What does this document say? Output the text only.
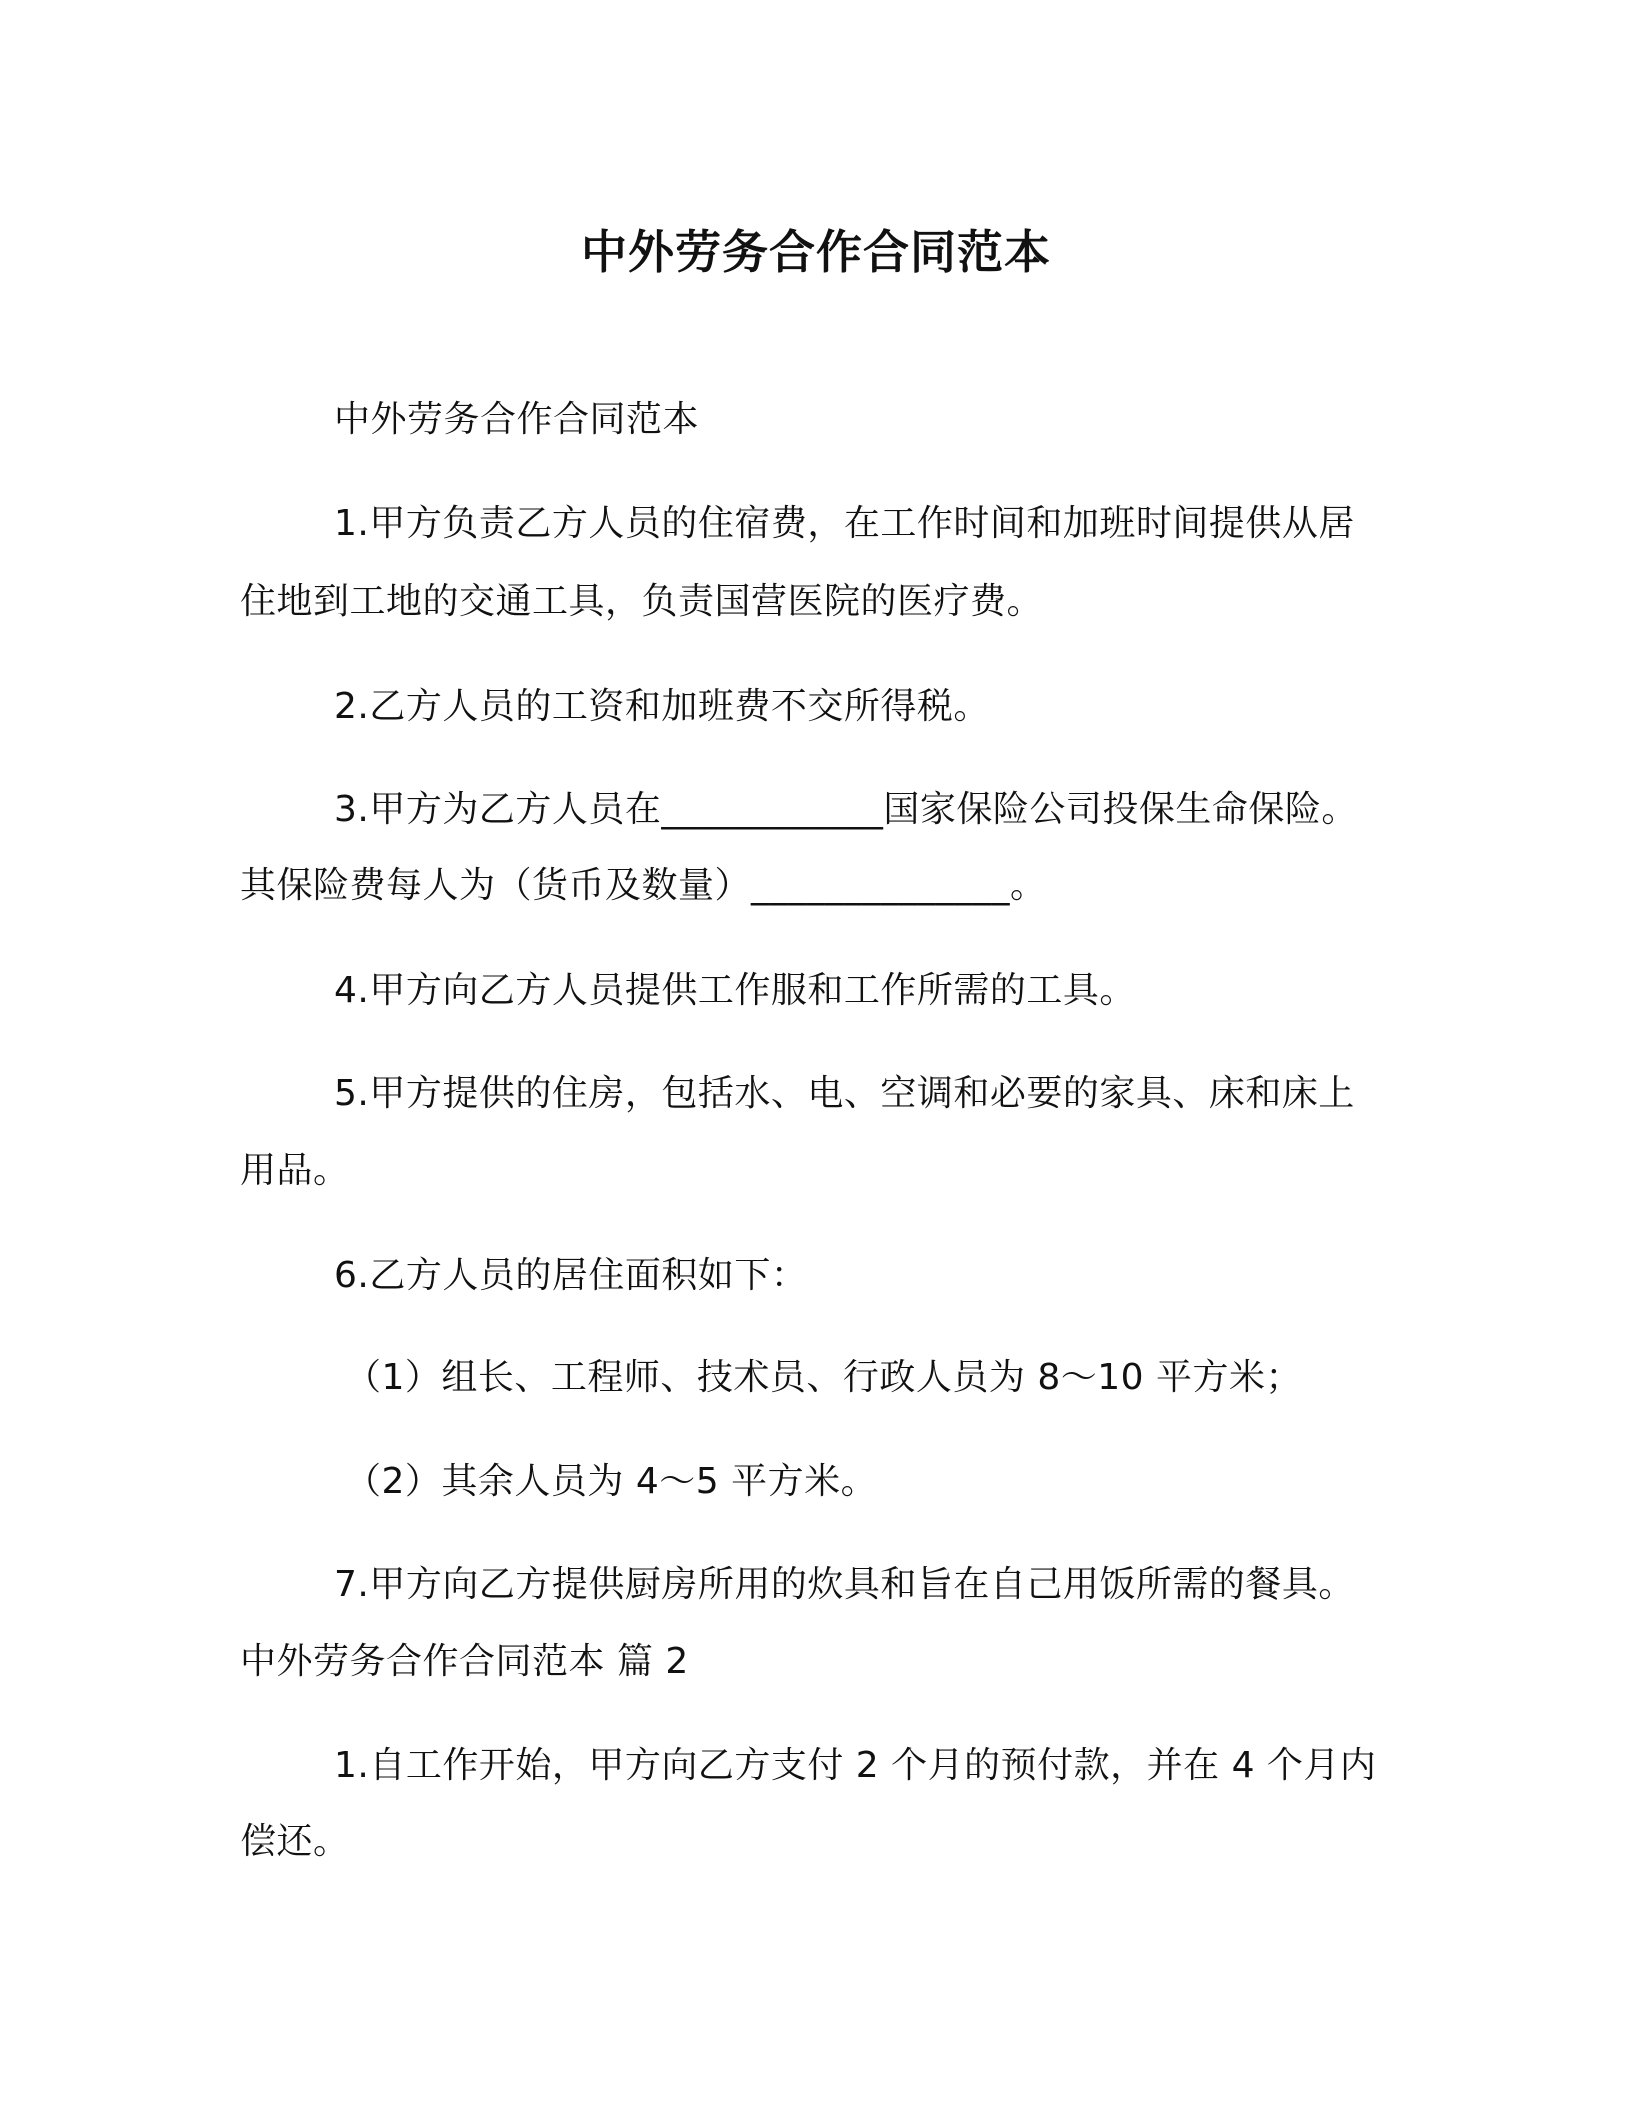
中外劳务合作合同范本
中外劳务合作合同范本
1.甲方负责乙方人员的住宿费，在工作时间和加班时间提供从居
住地到工地的交通工具，负责国营医院的医疗费。
2.乙方人员的工资和加班费不交所得税。
3.甲方为乙方人员在____________国家保险公司投保生命保险。
其保险费每人为（货币及数量）______________。
4.甲方向乙方人员提供工作服和工作所需的工具。
5.甲方提供的住房，包括水、电、空调和必要的家具、床和床上
用品。
6.乙方人员的居住面积如下：
（1）组长、工程师、技术员、行政人员为 8～10 平方米；
（2）其余人员为 4～5 平方米。
7.甲方向乙方提供厨房所用的炊具和旨在自己用饭所需的餐具。
中外劳务合作合同范本 篇 2
1.自工作开始，甲方向乙方支付 2 个月的预付款，并在 4 个月内
偿还。
